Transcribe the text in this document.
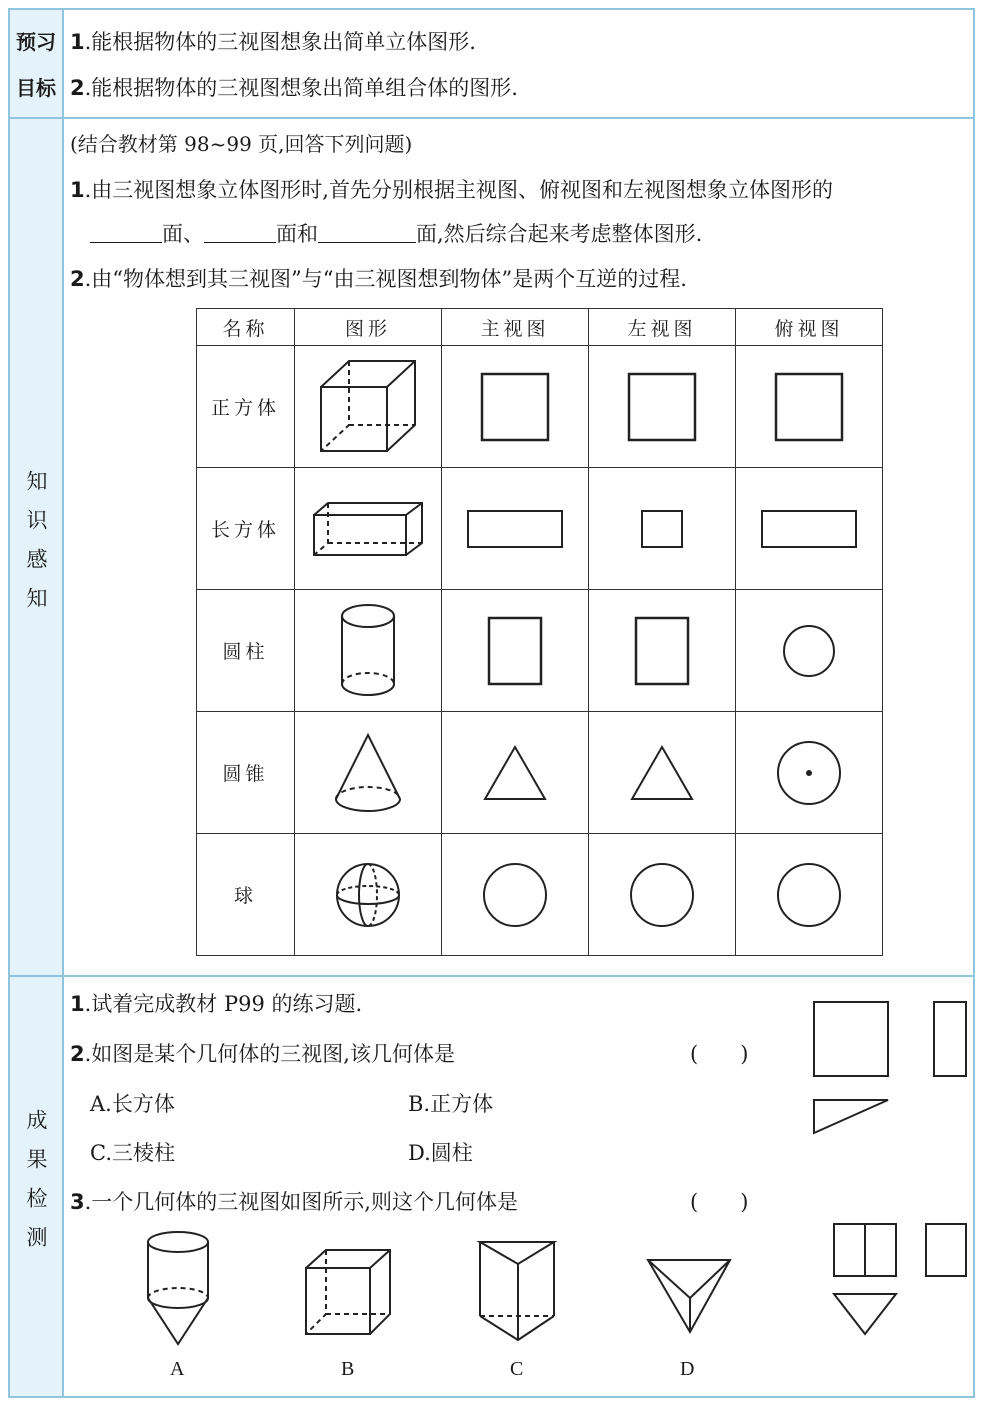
预习
目标
知识感知
成果检测
1.能根据物体的三视图想象出简单立体图形.
2.能根据物体的三视图想象出简单组合体的图形.
(结合教材第 98~99 页,回答下列问题)
1.由三视图想象立体图形时,首先分别根据主视图、俯视图和左视图想象立体图形的
面、	面和	面,然后综合起来考虑整体图形.
2.由“物体想到其三视图”与“由三视图想到物体”是两个互逆的过程.
名称	图形	主视图	左视图	俯视图
正方体	

长方体	

圆柱	

圆锥	

球	

1.试着完成教材 P99 的练习题.
2.如图是某个几何体的三视图,该几何体是	(　　)
A.长方体	B.正方体
C.三棱柱	D.圆柱
3.一个几何体的三视图如图所示,则这个几何体是	(　　)
A	B	C	D
